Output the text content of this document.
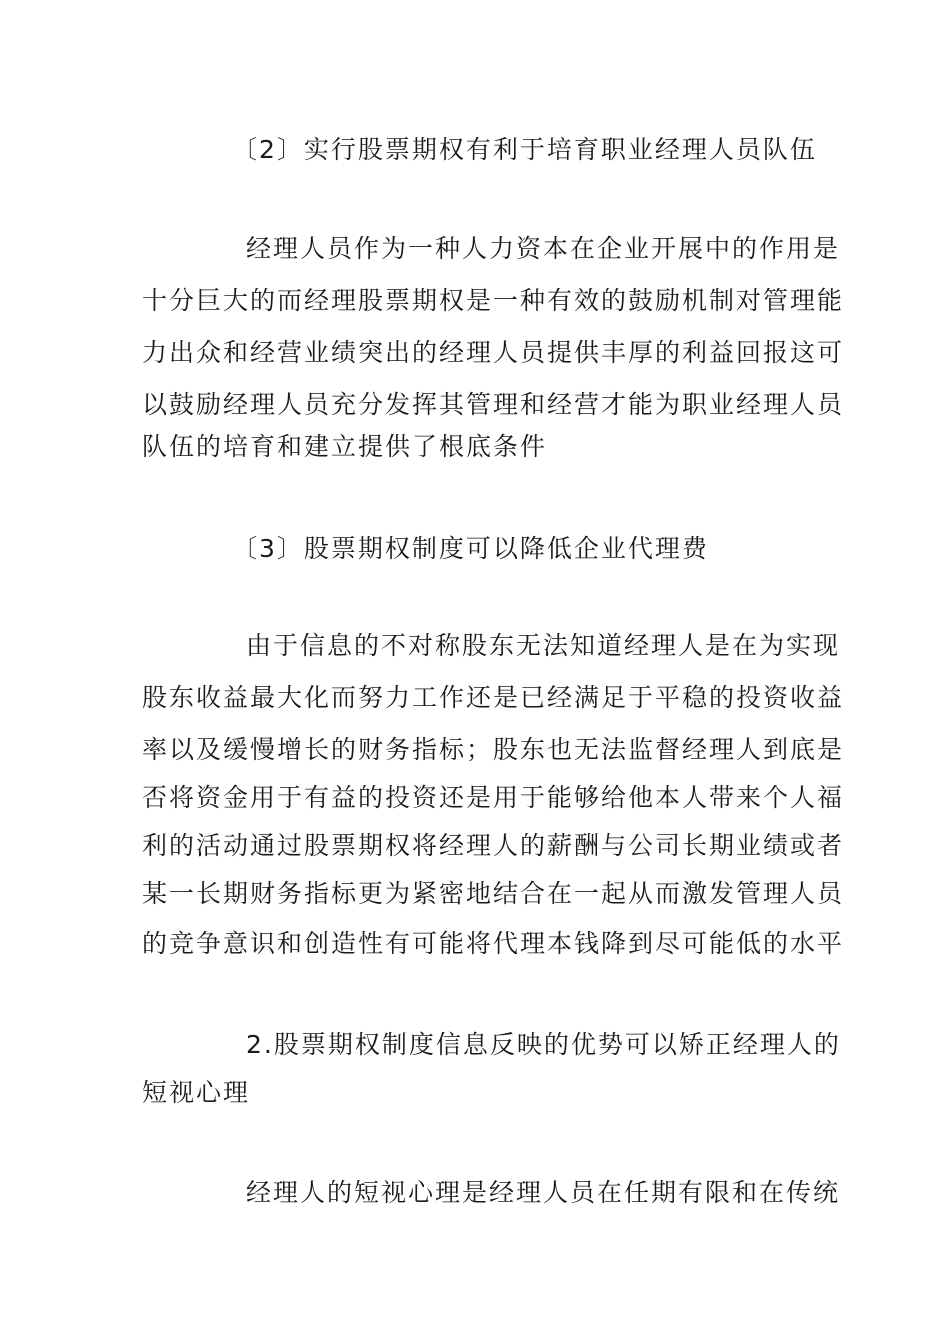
〔2〕实行股票期权有利于培育职业经理人员队伍
经理人员作为一种人力资本在企业开展中的作用是
十分巨大的而经理股票期权是一种有效的鼓励机制对管理能
力出众和经营业绩突出的经理人员提供丰厚的利益回报这可
以鼓励经理人员充分发挥其管理和经营才能为职业经理人员
队伍的培育和建立提供了根底条件
〔3〕股票期权制度可以降低企业代理费
由于信息的不对称股东无法知道经理人是在为实现
股东收益最大化而努力工作还是已经满足于平稳的投资收益
率以及缓慢增长的财务指标；股东也无法监督经理人到底是
否将资金用于有益的投资还是用于能够给他本人带来个人福
利的活动通过股票期权将经理人的薪酬与公司长期业绩或者
某一长期财务指标更为紧密地结合在一起从而激发管理人员
的竞争意识和创造性有可能将代理本钱降到尽可能低的水平
2.股票期权制度信息反映的优势可以矫正经理人的
短视心理
经理人的短视心理是经理人员在任期有限和在传统
